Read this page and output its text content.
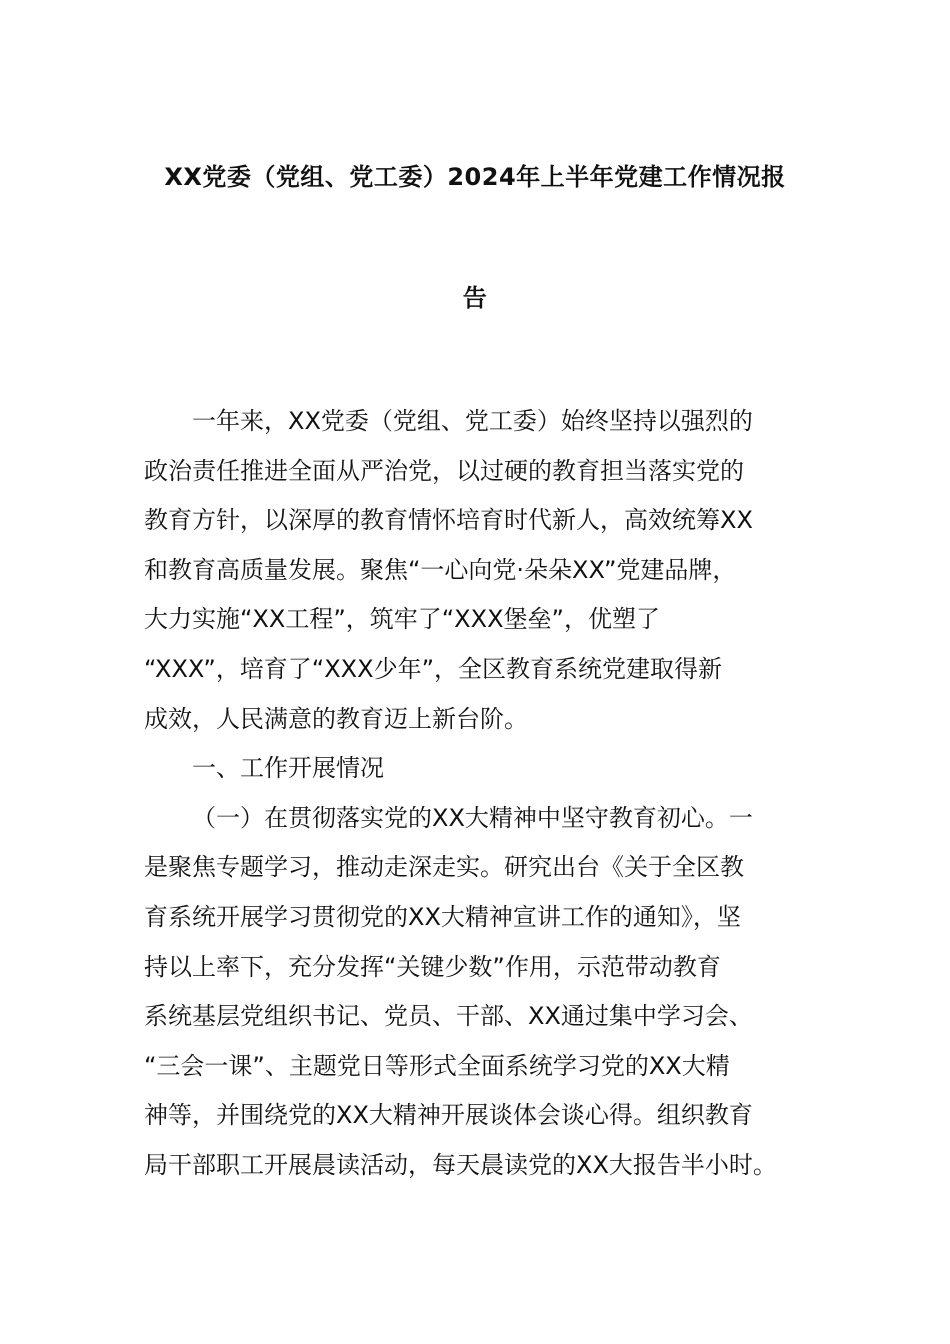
XX党委（党组、党工委）2024年上半年党建工作情况报
告
一年来，XX党委（党组、党工委）始终坚持以强烈的
政治责任推进全面从严治党，以过硬的教育担当落实党的
教育方针，以深厚的教育情怀培育时代新人，高效统筹XX
和教育高质量发展。聚焦“一心向党·朵朵XX”党建品牌，
大力实施“XX工程”，筑牢了“XXX堡垒”，优塑了
“XXX”，培育了“XXX少年”，全区教育系统党建取得新
成效，人民满意的教育迈上新台阶。
一、工作开展情况
（一）在贯彻落实党的XX大精神中坚守教育初心。一
是聚焦专题学习，推动走深走实。研究出台《关于全区教
育系统开展学习贯彻党的XX大精神宣讲工作的通知》，坚
持以上率下，充分发挥“关键少数”作用，示范带动教育
系统基层党组织书记、党员、干部、XX通过集中学习会、
“三会一课”、主题党日等形式全面系统学习党的XX大精
神等，并围绕党的XX大精神开展谈体会谈心得。组织教育
局干部职工开展晨读活动，每天晨读党的XX大报告半小时。
